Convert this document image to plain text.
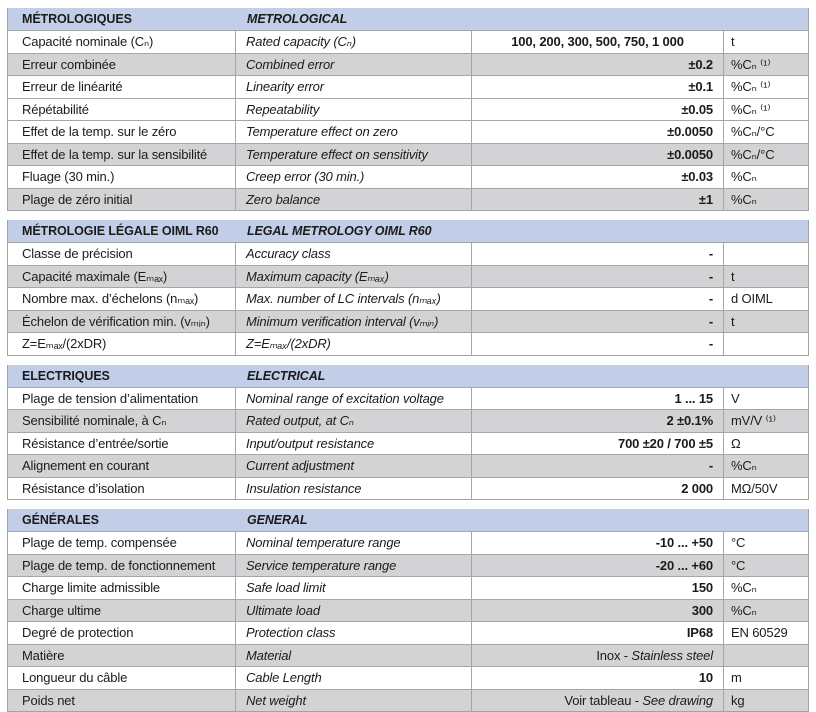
MÉTROLOGIQUES	METROLOGICAL
Capacité nominale (Cₙ)	Rated capacity (Cₙ)	100, 200, 300, 500, 750, 1 000	t
Erreur combinée	Combined error	±0.2	%Cₙ ⁽¹⁾
Erreur de linéarité	Linearity error	±0.1	%Cₙ ⁽¹⁾
Répétabilité	Repeatability	±0.05	%Cₙ ⁽¹⁾
Effet de la temp. sur le zéro	Temperature effect on zero	±0.0050	%Cₙ/°C
Effet de la temp. sur la sensibilité	Temperature effect on sensitivity	±0.0050	%Cₙ/°C
Fluage (30 min.)	Creep error (30 min.)	±0.03	%Cₙ
Plage de zéro initial	Zero balance	±1	%Cₙ
MÉTROLOGIE LÉGALE OIML R60	LEGAL METROLOGY OIML R60
Classe de précision	Accuracy class	-
Capacité maximale (Eₘₐₓ)	Maximum capacity (Eₘₐₓ)	-	t
Nombre max. d’échelons (nₘₐₓ)	Max. number of LC intervals (nₘₐₓ)	-	d OIML
Échelon de vérification min. (vₘᵢₙ)	Minimum verification interval (vₘᵢₙ)	-	t
Z=Eₘₐₓ/(2xDR)	Z=Eₘₐₓ/(2xDR)	-
ELECTRIQUES	ELECTRICAL
Plage de tension d’alimentation	Nominal range of excitation voltage	1 ... 15	V
Sensibilité nominale, à Cₙ	Rated output, at Cₙ	2 ±0.1%	mV/V ⁽¹⁾
Résistance d’entrée/sortie	Input/output resistance	700 ±20 / 700 ±5	Ω
Alignement en courant	Current adjustment	-	%Cₙ
Résistance d’isolation	Insulation resistance	2 000	MΩ/50V
GÉNÉRALES	GENERAL
Plage de temp. compensée	Nominal temperature range	-10 ... +50	°C
Plage de temp. de fonctionnement	Service temperature range	-20 ... +60	°C
Charge limite admissible	Safe load limit	150	%Cₙ
Charge ultime	Ultimate load	300	%Cₙ
Degré de protection	Protection class	IP68	EN 60529
Matière	Material	Inox - Stainless steel
Longueur du câble	Cable Length	10	m
Poids net	Net weight	Voir tableau - See drawing	kg
